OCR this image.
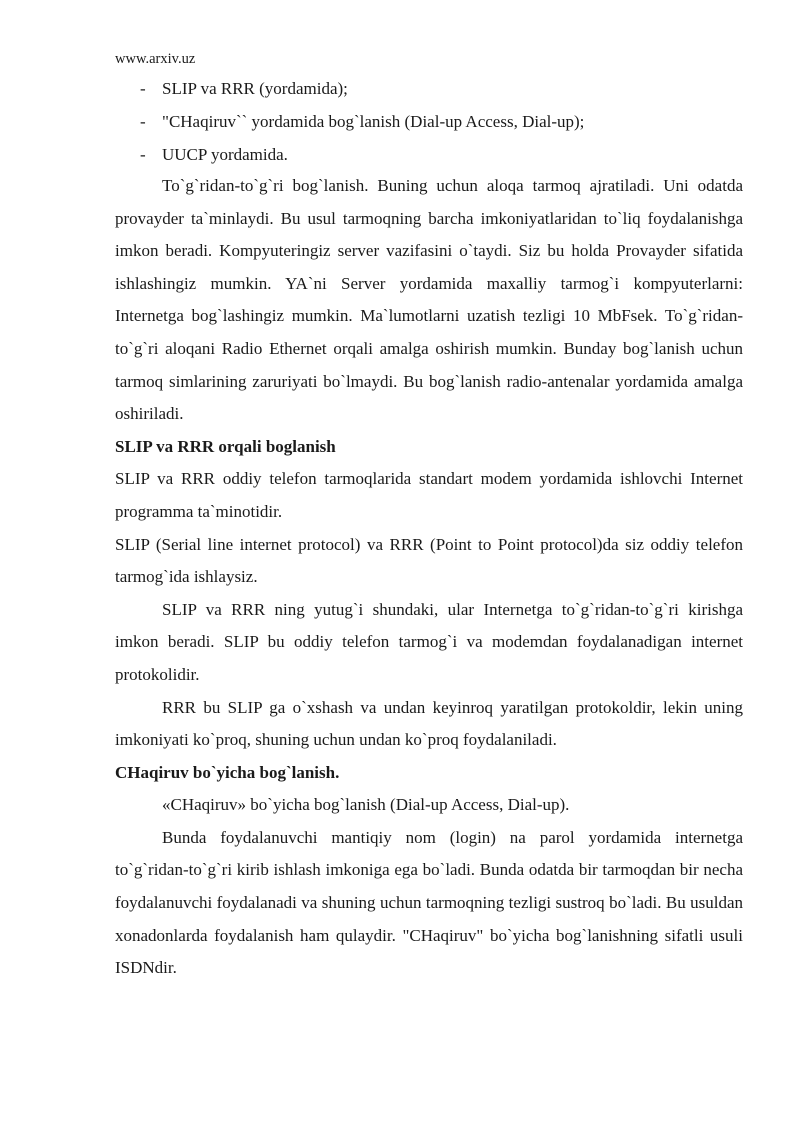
www.arxiv.uz
- SLIP va RRR (yordamida);
- "CHaqiruv`` yordamida bog`lanish (Dial-up Access, Dial-up);
- UUCP yordamida.

To`g`ridan-to`g`ri bog`lanish. Buning uchun aloqa tarmoq ajratiladi. Uni odatda provayder ta`minlaydi. Bu usul tarmoqning barcha imkoniyatlaridan to`liq foydalanishga imkon beradi. Kompyuteringiz server vazifasini o`taydi. Siz bu holda Provayder sifatida ishlashingiz mumkin. YA`ni Server yordamida maxalliy tarmog`i kompyuterlarni: Internetga bog`lashingiz mumkin. Ma`lumotlarni uzatish tezligi 10 MbFsek. To`g`ridan-to`g`ri aloqani Radio Ethernet orqali amalga oshirish mumkin. Bunday bog`lanish uchun tarmoq simlarining zaruriyati bo`lmaydi. Bu bog`lanish radio-antenalar yordamida amalga oshiriladi.

SLIP va RRR orqali boglanish

SLIP va RRR oddiy telefon tarmoqlarida standart modem yordamida ishlovchi Internet programma ta`minotidir.

SLIP (Serial line internet protocol) va RRR (Point to Point protocol)da siz oddiy telefon tarmog`ida ishlaysiz.

SLIP va RRR ning yutug`i shundaki, ular Internetga to`g`ridan-to`g`ri kirishga imkon beradi. SLIP bu oddiy telefon tarmog`i va modemdan foydalanadigan internet protokolidir.

RRR bu SLIP ga o`xshash va undan keyinroq yaratilgan protokoldir, lekin uning imkoniyati ko`proq, shuning uchun undan ko`proq foydalaniladi.

CHaqiruv bo`yicha bog`lanish.

«CHaqiruv» bo`yicha bog`lanish (Dial-up Access, Dial-up).

Bunda foydalanuvchi mantiqiy nom (login) na parol yordamida internetga to`g`ridan-to`g`ri kirib ishlash imkoniga ega bo`ladi. Bunda odatda bir tarmoqdan bir necha foydalanuvchi foydalanadi va shuning uchun tarmoqning tezligi sustroq bo`ladi. Bu usuldan xonadonlarda foydalanish ham qulaydir. "CHaqiruv" bo`yicha bog`lanishning sifatli usuli ISDNdir.
